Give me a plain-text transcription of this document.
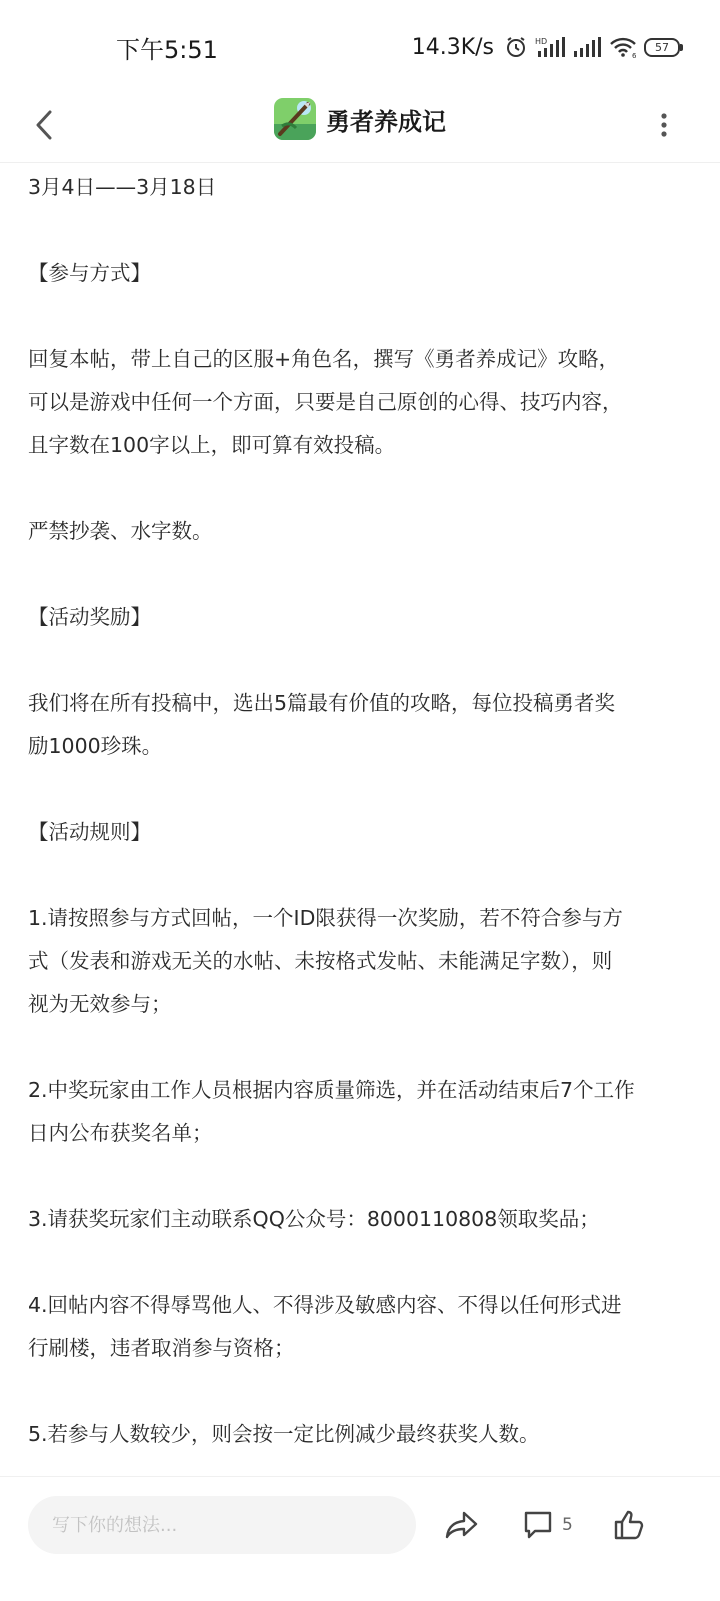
下午5:51	14.3K/s	HD
6
57
勇者养成记

3月4日——3月18日

【参与方式】

回复本帖，带上自己的区服+角色名，撰写《勇者养成记》攻略，
可以是游戏中任何一个方面，只要是自己原创的心得、技巧内容，
且字数在100字以上，即可算有效投稿。

严禁抄袭、水字数。

【活动奖励】

我们将在所有投稿中，选出5篇最有价值的攻略，每位投稿勇者奖
励1000珍珠。

【活动规则】

1.请按照参与方式回帖，一个ID限获得一次奖励，若不符合参与方
式（发表和游戏无关的水帖、未按格式发帖、未能满足字数），则
视为无效参与；

2.中奖玩家由工作人员根据内容质量筛选，并在活动结束后7个工作
日内公布获奖名单；

3.请获奖玩家们主动联系QQ公众号：8000110808领取奖品；

4.回帖内容不得辱骂他人、不得涉及敏感内容、不得以任何形式进
行刷楼，违者取消参与资格；

5.若参与人数较少，则会按一定比例减少最终获奖人数。

写下你的想法...
5
